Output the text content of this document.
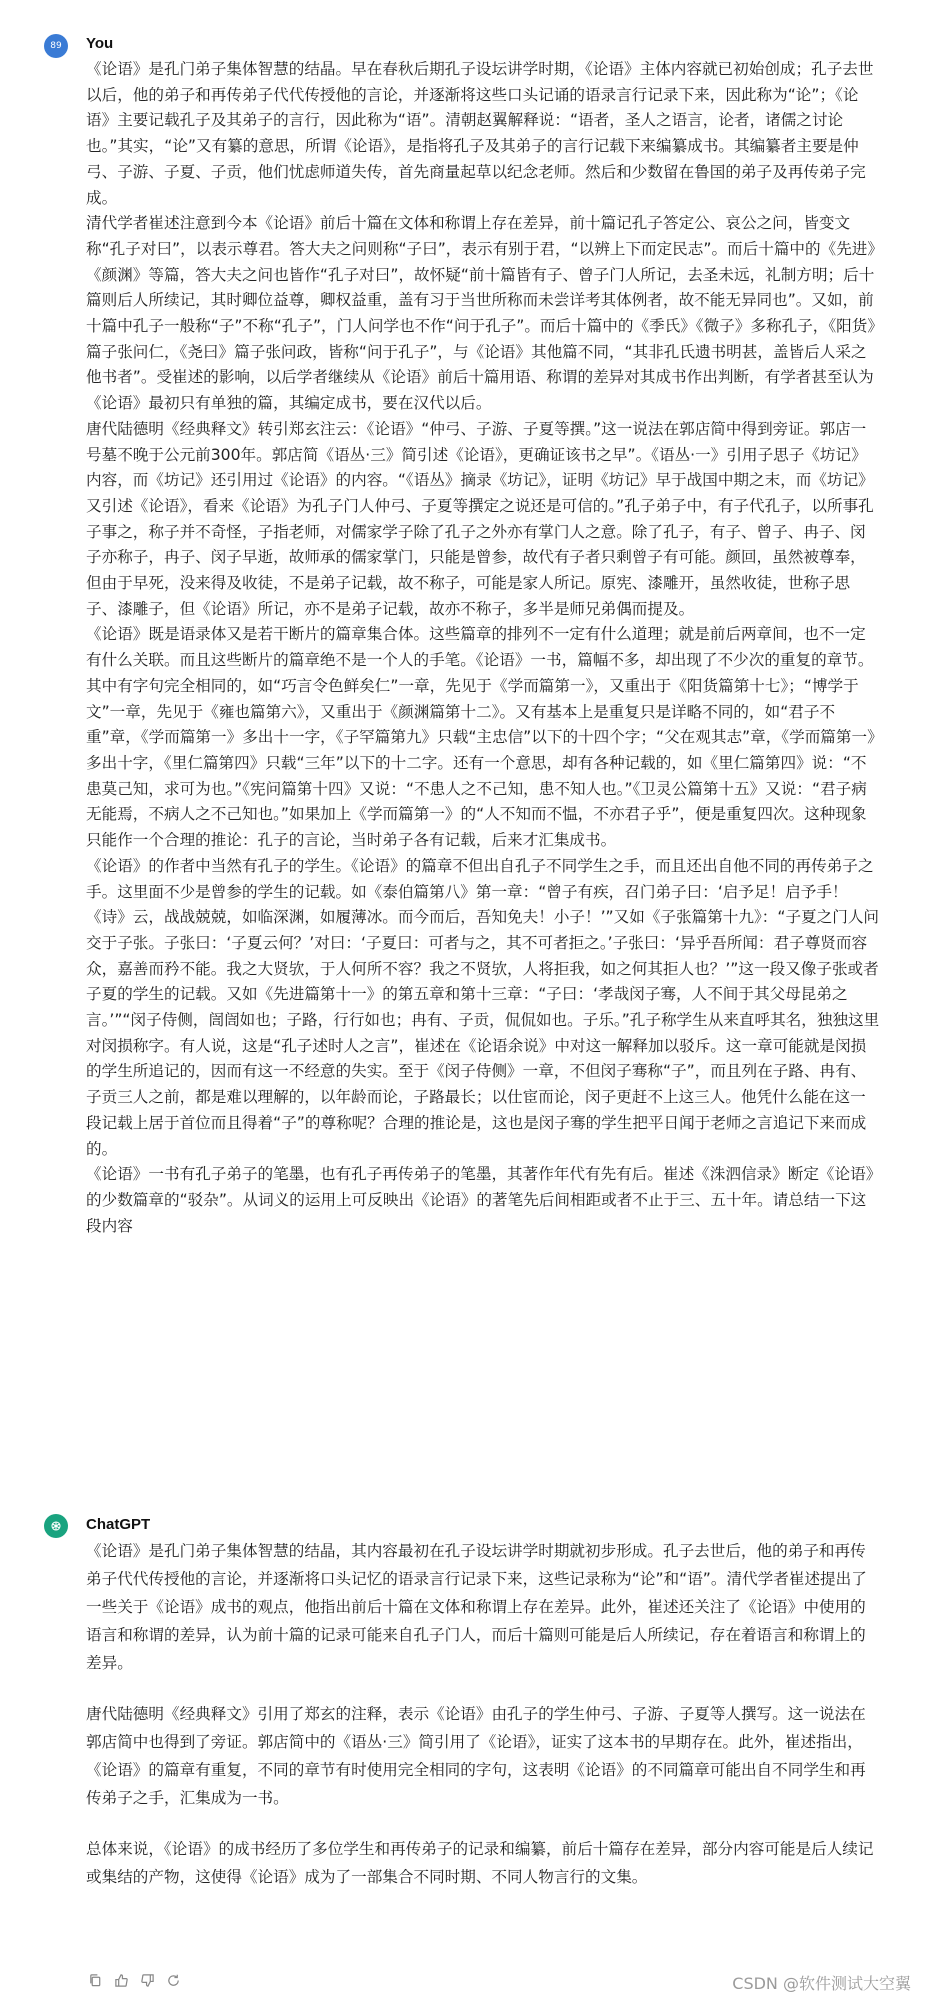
89 You

《论语》是孔门弟子集体智慧的结晶。早在春秋后期孔子设坛讲学时期，《论语》主体内容就已初始创成；孔子去世以后，他的弟子和再传弟子代代传授他的言论，并逐渐将这些口头记诵的语录言行记录下来，因此称为“论”；《论语》主要记载孔子及其弟子的言行，因此称为“语”。清朝赵翼解释说：“语者，圣人之语言，论者，诸儒之讨论也。”其实，“论”又有纂的意思，所谓《论语》，是指将孔子及其弟子的言行记载下来编纂成书。其编纂者主要是仲弓、子游、子夏、子贡，他们忧虑师道失传，首先商量起草以纪念老师。然后和少数留在鲁国的弟子及再传弟子完成。

清代学者崔述注意到今本《论语》前后十篇在文体和称谓上存在差异，前十篇记孔子答定公、哀公之问，皆变文称“孔子对曰”，以表示尊君。答大夫之问则称“子曰”，表示有别于君，“以辨上下而定民志”。而后十篇中的《先进》《颜渊》等篇，答大夫之问也皆作“孔子对曰”，故怀疑“前十篇皆有子、曾子门人所记，去圣未远，礼制方明；后十篇则后人所续记，其时卿位益尊，卿权益重，盖有习于当世所称而未尝详考其体例者，故不能无异同也”。又如，前十篇中孔子一般称“子”不称“孔子”，门人问学也不作“问于孔子”。而后十篇中的《季氏》《微子》多称孔子，《阳货》篇子张问仁，《尧曰》篇子张问政，皆称“问于孔子”，与《论语》其他篇不同，“其非孔氏遗书明甚，盖皆后人采之他书者”。受崔述的影响，以后学者继续从《论语》前后十篇用语、称谓的差异对其成书作出判断，有学者甚至认为《论语》最初只有单独的篇，其编定成书，要在汉代以后。

唐代陆德明《经典释文》转引郑玄注云：《论语》“仲弓、子游、子夏等撰。”这一说法在郭店简中得到旁证。郭店一号墓不晚于公元前300年。郭店简《语丛·三》简引述《论语》，更确证该书之早”。《语丛·一》引用子思子《坊记》内容，而《坊记》还引用过《论语》的内容。“《语丛》摘录《坊记》，证明《坊记》早于战国中期之末，而《坊记》又引述《论语》，看来《论语》为孔子门人仲弓、子夏等撰定之说还是可信的。”孔子弟子中，有子代孔子，以所事孔子事之，称子并不奇怪，子指老师，对儒家学子除了孔子之外亦有掌门人之意。除了孔子，有子、曾子、冉子、闵子亦称子，冉子、闵子早逝，故师承的儒家掌门，只能是曾参，故代有子者只剩曾子有可能。颜回，虽然被尊奉，但由于早死，没来得及收徒，不是弟子记载，故不称子，可能是家人所记。原宪、漆雕开，虽然收徒，世称子思子、漆雕子，但《论语》所记，亦不是弟子记载，故亦不称子，多半是师兄弟偶而提及。

《论语》既是语录体又是若干断片的篇章集合体。这些篇章的排列不一定有什么道理；就是前后两章间，也不一定有什么关联。而且这些断片的篇章绝不是一个人的手笔。《论语》一书，篇幅不多，却出现了不少次的重复的章节。其中有字句完全相同的，如“巧言令色鲜矣仁”一章，先见于《学而篇第一》，又重出于《阳货篇第十七》；“博学于文”一章，先见于《雍也篇第六》，又重出于《颜渊篇第十二》。又有基本上是重复只是详略不同的，如“君子不重”章，《学而篇第一》多出十一字，《子罕篇第九》只载“主忠信”以下的十四个字；“父在观其志”章，《学而篇第一》多出十字，《里仁篇第四》只载“三年”以下的十二字。还有一个意思，却有各种记载的，如《里仁篇第四》说：“不患莫己知，求可为也。”《宪问篇第十四》又说：“不患人之不己知，患不知人也。”《卫灵公篇第十五》又说：“君子病无能焉，不病人之不己知也。”如果加上《学而篇第一》的“人不知而不愠，不亦君子乎”，便是重复四次。这种现象只能作一个合理的推论：孔子的言论，当时弟子各有记载，后来才汇集成书。

《论语》的作者中当然有孔子的学生。《论语》的篇章不但出自孔子不同学生之手，而且还出自他不同的再传弟子之手。这里面不少是曾参的学生的记载。如《泰伯篇第八》第一章：“曾子有疾，召门弟子曰：‘启予足！启予手！《诗》云，战战兢兢，如临深渊，如履薄冰。而今而后，吾知免夫！小子！’”又如《子张篇第十九》：“子夏之门人问交于子张。子张曰：‘子夏云何？’对曰：‘子夏曰：可者与之，其不可者拒之。’子张曰：‘异乎吾所闻：君子尊贤而容众，嘉善而矜不能。我之大贤欤，于人何所不容？我之不贤欤，人将拒我，如之何其拒人也？’”这一段又像子张或者子夏的学生的记载。又如《先进篇第十一》的第五章和第十三章：“子曰：‘孝哉闵子骞，人不间于其父母昆弟之言。’”“闵子侍侧，訚訚如也；子路，行行如也；冉有、子贡，侃侃如也。子乐。”孔子称学生从来直呼其名，独独这里对闵损称字。有人说，这是“孔子述时人之言”，崔述在《论语余说》中对这一解释加以驳斥。这一章可能就是闵损的学生所追记的，因而有这一不经意的失实。至于《闵子侍侧》一章，不但闵子骞称“子”，而且列在子路、冉有、子贡三人之前，都是难以理解的，以年龄而论，子路最长；以仕宦而论，闵子更赶不上这三人。他凭什么能在这一段记载上居于首位而且得着“子”的尊称呢？合理的推论是，这也是闵子骞的学生把平日闻于老师之言追记下来而成的。

《论语》一书有孔子弟子的笔墨，也有孔子再传弟子的笔墨，其著作年代有先有后。崔述《洙泗信录》断定《论语》的少数篇章的“驳杂”。从词义的运用上可反映出《论语》的著笔先后间相距或者不止于三、五十年。请总结一下这段内容

ChatGPT

《论语》是孔门弟子集体智慧的结晶，其内容最初在孔子设坛讲学时期就初步形成。孔子去世后，他的弟子和再传弟子代代传授他的言论，并逐渐将口头记忆的语录言行记录下来，这些记录称为“论”和“语”。清代学者崔述提出了一些关于《论语》成书的观点，他指出前后十篇在文体和称谓上存在差异。此外，崔述还关注了《论语》中使用的语言和称谓的差异，认为前十篇的记录可能来自孔子门人，而后十篇则可能是后人所续记，存在着语言和称谓上的差异。

唐代陆德明《经典释文》引用了郑玄的注释，表示《论语》由孔子的学生仲弓、子游、子夏等人撰写。这一说法在郭店简中也得到了旁证。郭店简中的《语丛·三》简引用了《论语》，证实了这本书的早期存在。此外，崔述指出，《论语》的篇章有重复，不同的章节有时使用完全相同的字句，这表明《论语》的不同篇章可能出自不同学生和再传弟子之手，汇集成为一书。

总体来说，《论语》的成书经历了多位学生和再传弟子的记录和编纂，前后十篇存在差异，部分内容可能是后人续记或集结的产物，这使得《论语》成为了一部集合不同时期、不同人物言行的文集。

CSDN @软件测试大空翼
